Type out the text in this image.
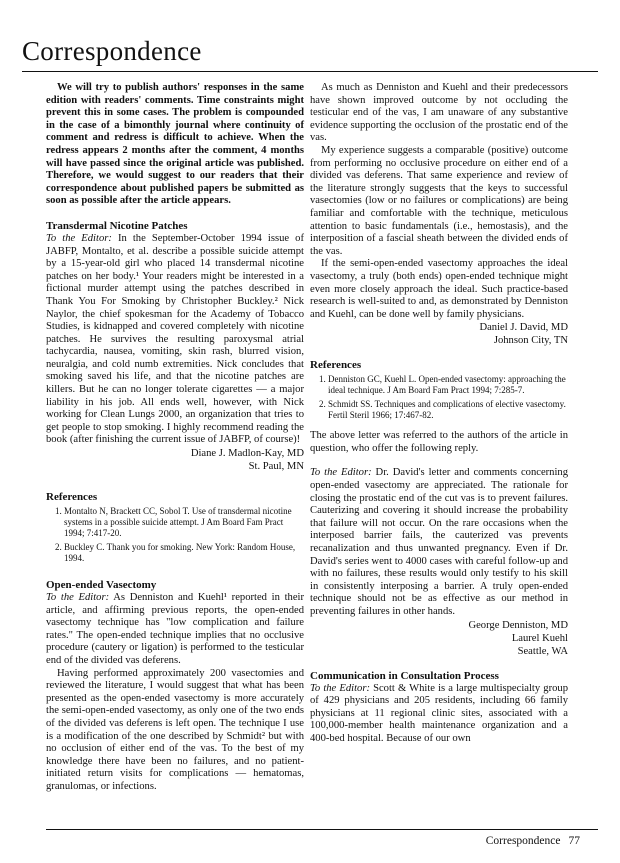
Correspondence

We will try to publish authors' responses in the same edition with readers' comments. Time constraints might prevent this in some cases. The problem is compounded in the case of a bimonthly journal where continuity of comment and redress is difficult to achieve. When the redress appears 2 months after the comment, 4 months will have passed since the original article was published. Therefore, we would suggest to our readers that their correspondence about published papers be submitted as soon as possible after the article appears.

Transdermal Nicotine Patches

To the Editor: In the September-October 1994 issue of JABFP, Montalto, et al. describe a possible suicide attempt by a 15-year-old girl who placed 14 transdermal nicotine patches on her body.¹ Your readers might be interested in a fictional murder attempt using the patches described in Thank You For Smoking by Christopher Buckley.² Nick Naylor, the chief spokesman for the Academy of Tobacco Studies, is kidnapped and covered completely with nicotine patches. He survives the resulting paroxysmal atrial tachycardia, nausea, vomiting, skin rash, blurred vision, neuralgia, and cold numb extremities. Nick concludes that smoking saved his life, and that the nicotine patches are killers. But he can no longer tolerate cigarettes — a major liability in his job. All ends well, however, with Nick working for Clean Lungs 2000, an organization that tries to get people to stop smoking. I highly recommend reading the book (after finishing the current issue of JABFP, of course)!

Diane J. Madlon-Kay, MD
St. Paul, MN
References
1. Montalto N, Brackett CC, Sobol T. Use of transdermal nicotine systems in a possible suicide attempt. J Am Board Fam Pract 1994; 7:417-20.
2. Buckley C. Thank you for smoking. New York: Random House, 1994.
Open-ended Vasectomy

To the Editor: As Denniston and Kuehl¹ reported in their article, and affirming previous reports, the open-ended vasectomy technique has "low complication and failure rates." The open-ended technique implies that no occlusive procedure (cautery or ligation) is performed to the testicular end of the divided vas deferens.

Having performed approximately 200 vasectomies and reviewed the literature, I would suggest that what has been presented as the open-ended vasectomy is more accurately the semi-open-ended vasectomy, as only one of the two ends of the divided vas deferens is left open. The technique I use is a modification of the one described by Schmidt² but with no occlusion of either end of the vas. To the best of my knowledge there have been no failures, and no patient-initiated return visits for complications — hematomas, granulomas, or infections.

As much as Denniston and Kuehl and their predecessors have shown improved outcome by not occluding the testicular end of the vas, I am unaware of any substantive evidence supporting the occlusion of the prostatic end of the vas.

My experience suggests a comparable (positive) outcome from performing no occlusive procedure on either end of a divided vas deferens. That same experience and review of the literature strongly suggests that the keys to successful vasectomies (low or no failures or complications) are being familiar and comfortable with the technique, meticulous attention to basic fundamentals (i.e., hemostasis), and the interposition of a fascial sheath between the divided ends of the vas.

If the semi-open-ended vasectomy approaches the ideal vasectomy, a truly (both ends) open-ended technique might even more closely approach the ideal. Such practice-based research is well-suited to and, as demonstrated by Denniston and Kuehl, can be done well by family physicians.

Daniel J. David, MD
Johnson City, TN
References
1. Denniston GC, Kuehl L. Open-ended vasectomy: approaching the ideal technique. J Am Board Fam Pract 1994; 7:285-7.
2. Schmidt SS. Techniques and complications of elective vasectomy. Fertil Steril 1966; 17:467-82.

The above letter was referred to the authors of the article in question, who offer the following reply.

To the Editor: Dr. David's letter and comments concerning open-ended vasectomy are appreciated. The rationale for closing the prostatic end of the cut vas is to prevent failures. Cauterizing and covering it should increase the probability that failure will not occur. On the rare occasions when the interposed barrier fails, the cauterized vas prevents recanalization and thus unwanted pregnancy. Even if Dr. David's series went to 4000 cases with careful follow-up and with no failures, these results would only testify to his skill in consistently interposing a barrier. A truly open-ended technique should not be as effective as our method in preventing failures in other hands.

George Denniston, MD
Laurel Kuehl
Seattle, WA
Communication in Consultation Process

To the Editor: Scott & White is a large multispecialty group of 429 physicians and 205 residents, including 66 family physicians at 11 regional clinic sites, associated with a 100,000-member health maintenance organization and a 400-bed hospital. Because of our own

Correspondence 77
